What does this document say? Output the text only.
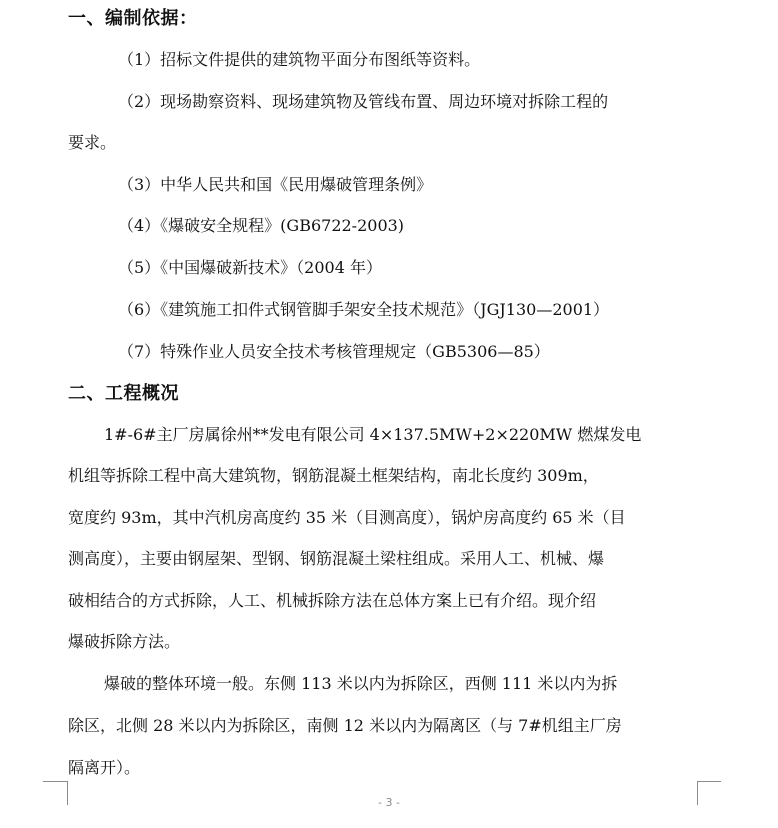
一、编制依据：
（1）招标文件提供的建筑物平面分布图纸等资料。
（2）现场勘察资料、现场建筑物及管线布置、周边环境对拆除工程的
要求。
（3）中华人民共和国《民用爆破管理条例》
（4）《爆破安全规程》(GB6722-2003)
（5）《中国爆破新技术》（2004 年）
（6）《建筑施工扣件式钢管脚手架安全技术规范》（JGJ130—2001）
（7）特殊作业人员安全技术考核管理规定（GB5306—85）
二、工程概况

1#-6#主厂房属徐州**发电有限公司 4×137.5MW+2×220MW 燃煤发电

机组等拆除工程中高大建筑物，钢筋混凝土框架结构，南北长度约 309m，

宽度约 93m，其中汽机房高度约 35 米（目测高度），锅炉房高度约 65 米（目

测高度），主要由钢屋架、型钢、钢筋混凝土梁柱组成。采用人工、机械、爆

破相结合的方式拆除，人工、机械拆除方法在总体方案上已有介绍。现介绍

爆破拆除方法。

爆破的整体环境一般。东侧 113 米以内为拆除区，西侧 111 米以内为拆

除区，北侧 28 米以内为拆除区，南侧 12 米以内为隔离区（与 7#机组主厂房

隔离开）。

- 3 -
